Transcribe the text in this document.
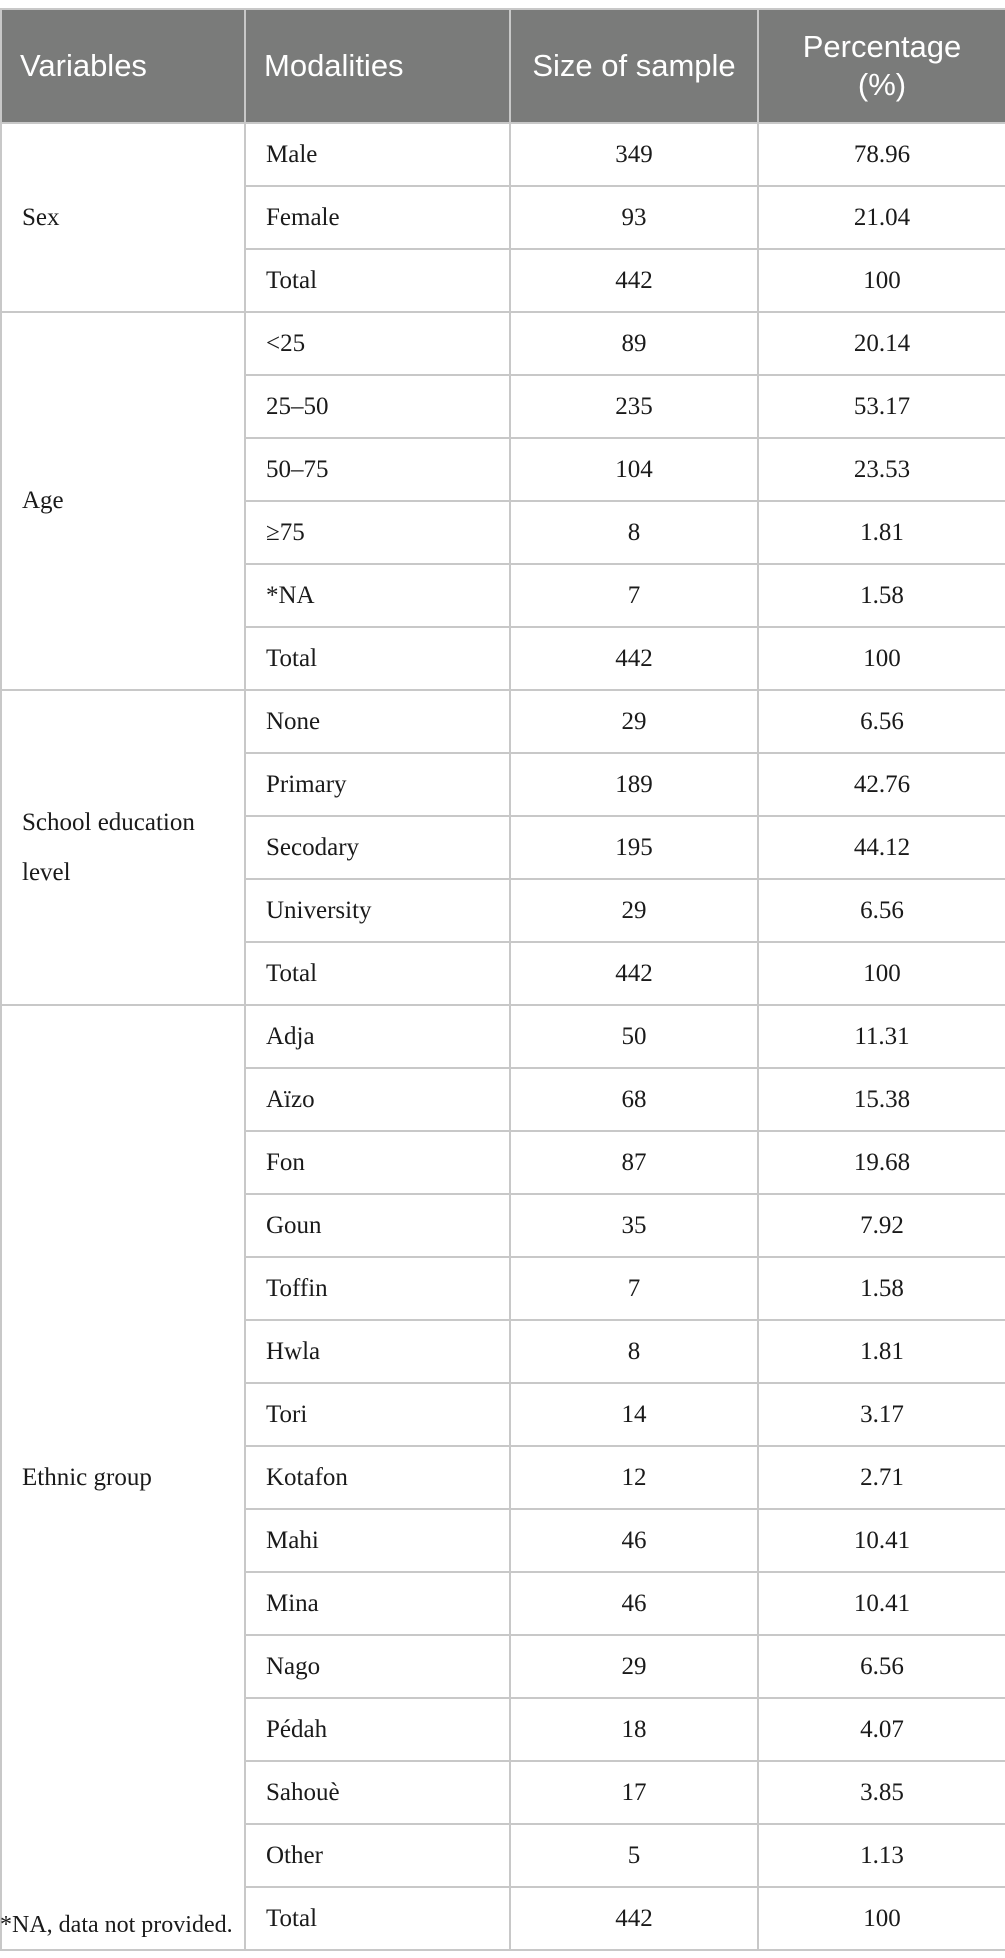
Variables	Modalities	Size of sample	Percentage (%)
Sex	Male	349	78.96
	Female	93	21.04
	Total	442	100
Age	<25	89	20.14
	25–50	235	53.17
	50–75	104	23.53
	≥75	8	1.81
	*NA	7	1.58
	Total	442	100
School education level	None	29	6.56
	Primary	189	42.76
	Secodary	195	44.12
	University	29	6.56
	Total	442	100
Ethnic group	Adja	50	11.31
	Aïzo	68	15.38
	Fon	87	19.68
	Goun	35	7.92
	Toffin	7	1.58
	Hwla	8	1.81
	Tori	14	3.17
	Kotafon	12	2.71
	Mahi	46	10.41
	Mina	46	10.41
	Nago	29	6.56
	Pédah	18	4.07
	Sahouè	17	3.85
	Other	5	1.13
	Total	442	100
*NA, data not provided.
